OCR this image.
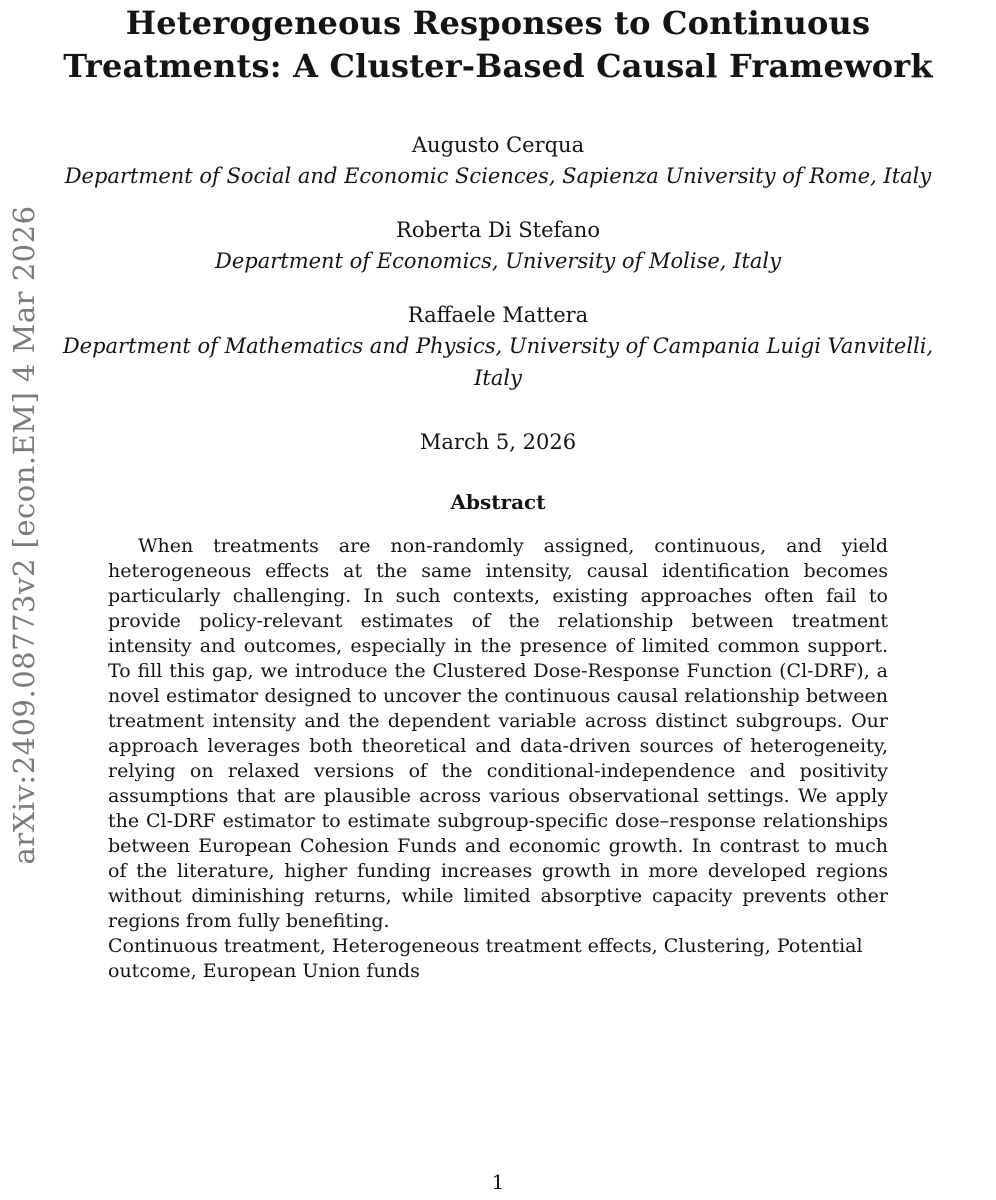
arXiv:2409.08773v2 [econ.EM] 4 Mar 2026
Heterogeneous Responses to Continuous Treatments: A Cluster-Based Causal Framework
Augusto Cerqua
Department of Social and Economic Sciences, Sapienza University of Rome, Italy
Roberta Di Stefano
Department of Economics, University of Molise, Italy
Raffaele Mattera
Department of Mathematics and Physics, University of Campania Luigi Vanvitelli, Italy
March 5, 2026
Abstract

When treatments are non-randomly assigned, continuous, and yield heterogeneous effects at the same intensity, causal identification becomes particularly challenging. In such contexts, existing approaches often fail to provide policy-relevant estimates of the relationship between treatment intensity and outcomes, especially in the presence of limited common support. To fill this gap, we introduce the Clustered Dose-Response Function (Cl-DRF), a novel estimator designed to uncover the continuous causal relationship between treatment intensity and the dependent variable across distinct subgroups. Our approach leverages both theoretical and data-driven sources of heterogeneity, relying on relaxed versions of the conditional-independence and positivity assumptions that are plausible across various observational settings. We apply the Cl-DRF estimator to estimate subgroup-specific dose–response relationships between European Cohesion Funds and economic growth. In contrast to much of the literature, higher funding increases growth in more developed regions without diminishing returns, while limited absorptive capacity prevents other regions from fully benefiting.

Continuous treatment, Heterogeneous treatment effects, Clustering, Potential outcome, European Union funds

1
